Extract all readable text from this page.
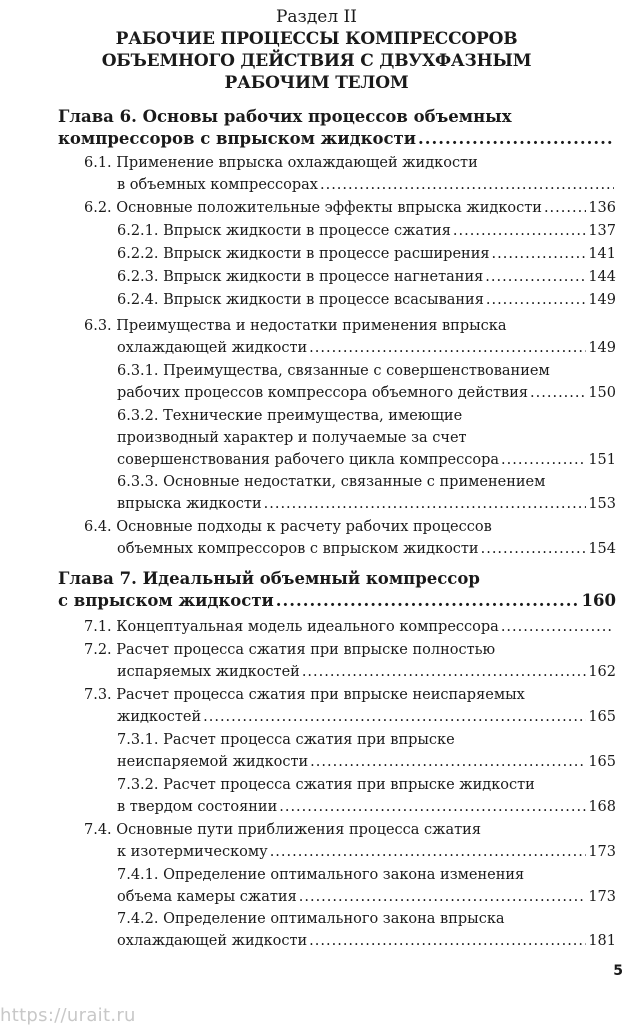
Раздел II
РАБОЧИЕ ПРОЦЕССЫ КОМПРЕССОРОВ
ОБЪЕМНОГО ДЕЙСТВИЯ С ДВУХФАЗНЫМ
РАБОЧИМ ТЕЛОМ
Глава 6. Основы рабочих процессов объемных
компрессоров с впрыском жидкости
.....
6.1. Применение впрыска охлаждающей жидкости
в объемных компрессорах
.....
6.2. Основные положительные эффекты впрыска жидкости .....	136
6.2.1. Впрыск жидкости в процессе сжатия .....	137
6.2.2. Впрыск жидкости в процессе расширения .....	141
6.2.3. Впрыск жидкости в процессе нагнетания .....	144
6.2.4. Впрыск жидкости в процессе всасывания .....	149
6.3. Преимущества и недостатки применения впрыска
охлаждающей жидкости .....	149
6.3.1. Преимущества, связанные с совершенствованием
рабочих процессов компрессора объемного действия .....	150
6.3.2. Технические преимущества, имеющие
производный характер и получаемые за счет
совершенствования рабочего цикла компрессора .....	151
6.3.3. Основные недостатки, связанные с применением
впрыска жидкости .....	153
6.4. Основные подходы к расчету рабочих процессов
объемных компрессоров с впрыском жидкости .....	154
Глава 7. Идеальный объемный компрессор
с впрыском жидкости .....	160
7.1. Концептуальная модель идеального компрессора
.....
7.2. Расчет процесса сжатия при впрыске полностью
испаряемых жидкостей .....	162
7.3. Расчет процесса сжатия при впрыске неиспаряемых
жидкостей .....	165
7.3.1. Расчет процесса сжатия при впрыске
неиспаряемой жидкости .....	165
7.3.2. Расчет процесса сжатия при впрыске жидкости
в твердом состоянии .....	168
7.4. Основные пути приближения процесса сжатия
к изотермическому .....	173
7.4.1. Определение оптимального закона изменения
объема камеры сжатия .....	173
7.4.2. Определение оптимального закона впрыска
охлаждающей жидкости .....	181
5
https://urait.ru
